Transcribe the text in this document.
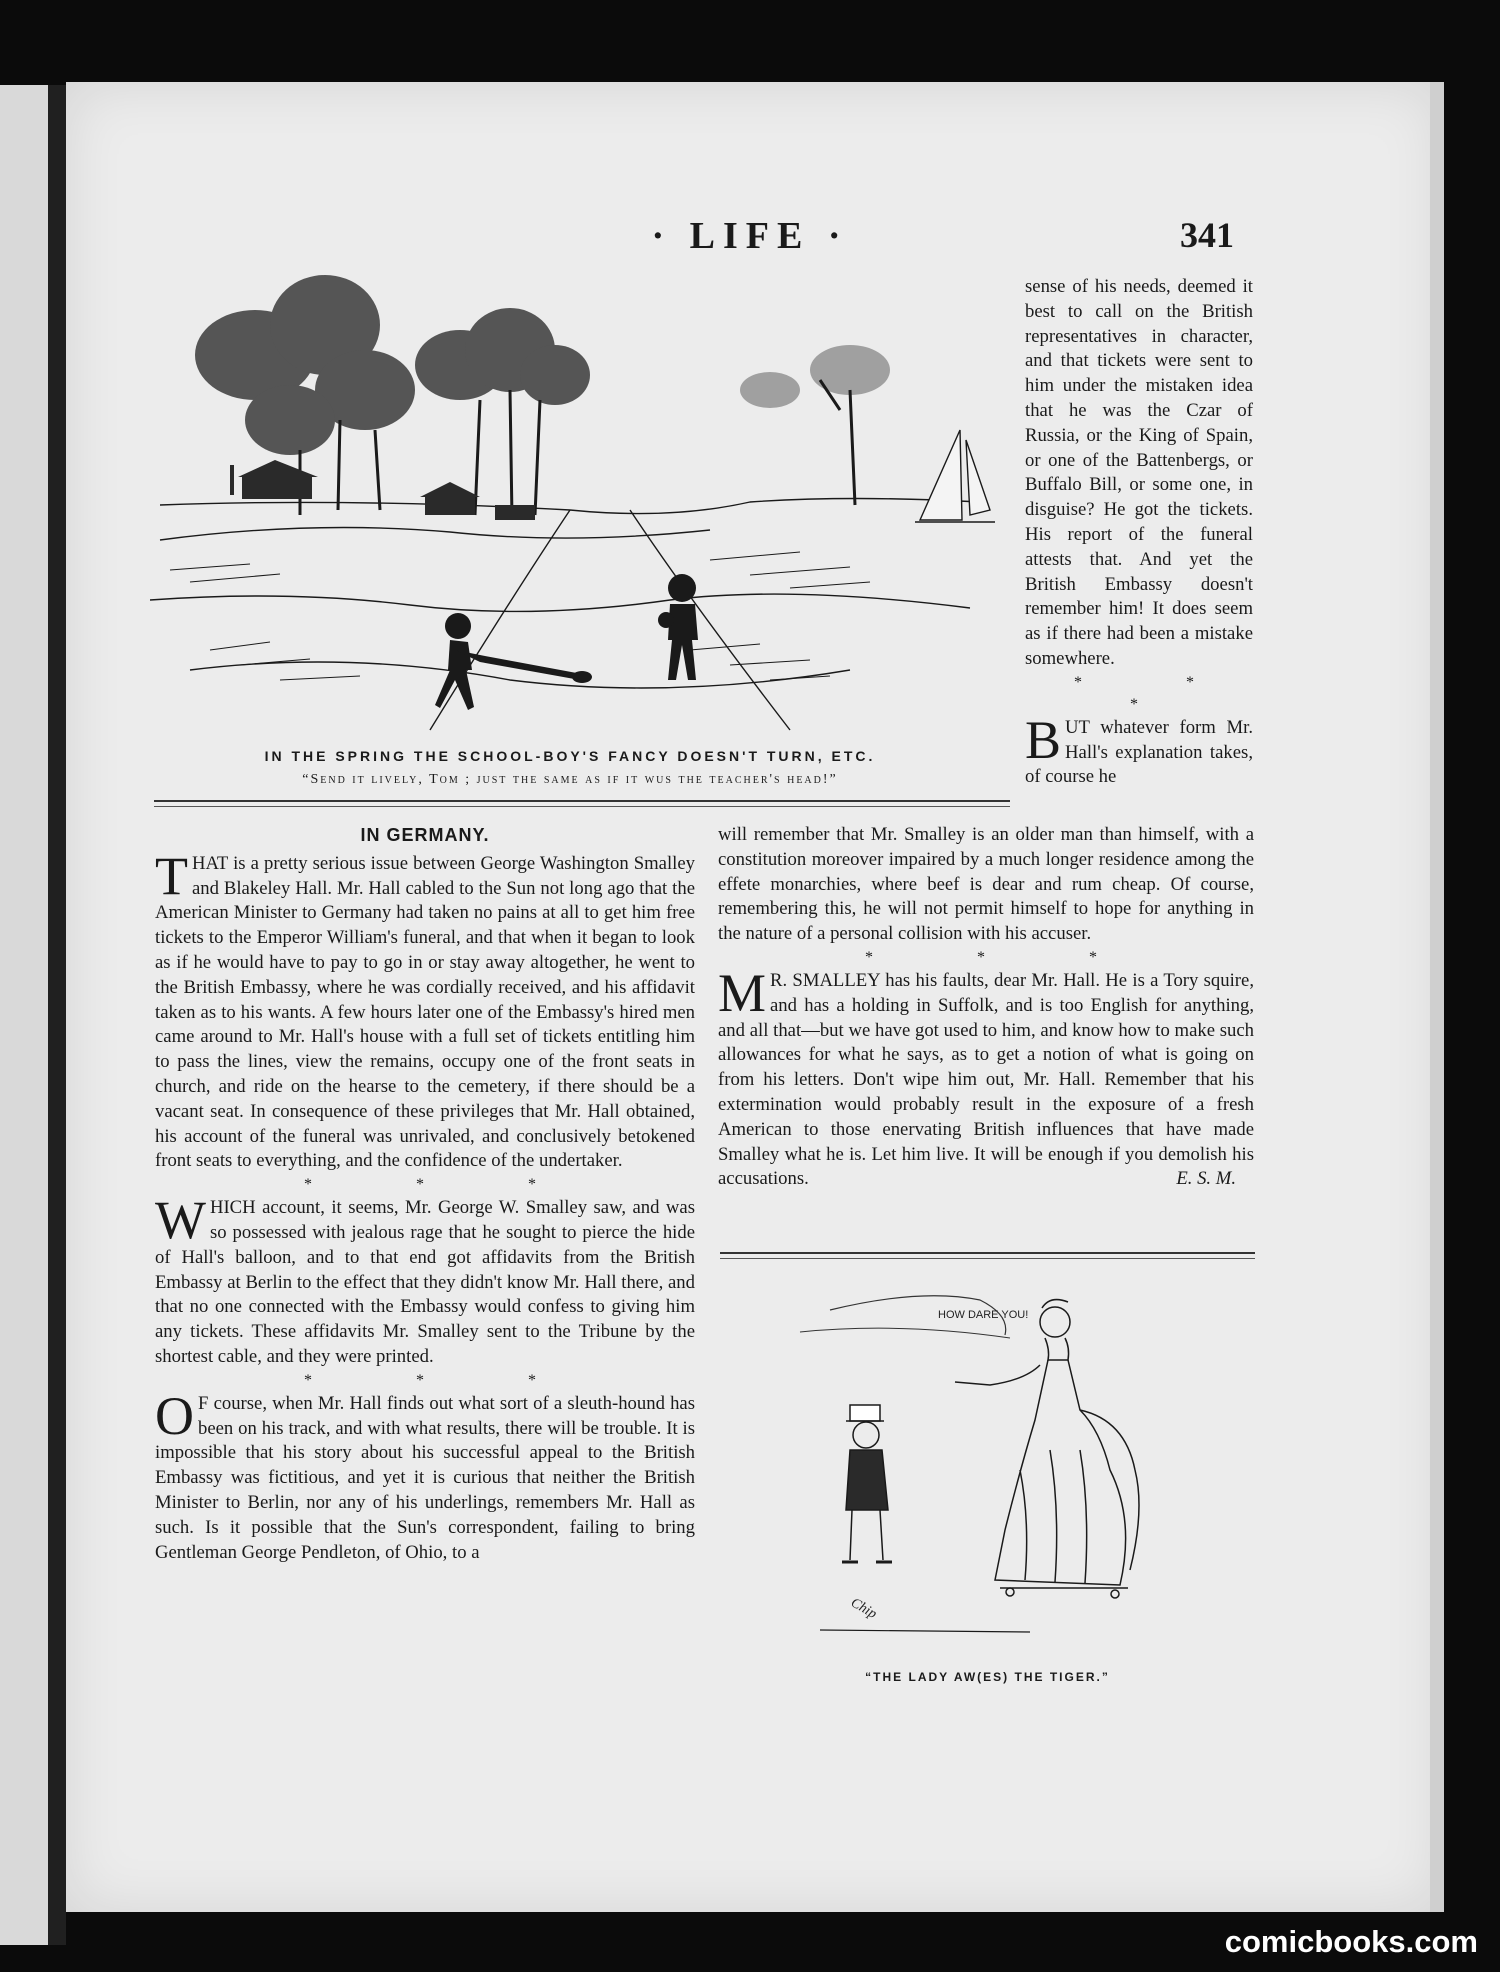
· LIFE ·	341
IN THE SPRING THE SCHOOL-BOY'S FANCY DOESN'T TURN, ETC.
“Send it lively, Tom ; just the same as if it wus the teacher's head!”

sense of his needs, deemed it best to call on the British representatives in character, and that tickets were sent to him under the mistaken idea that he was the Czar of Russia, or the King of Spain, or one of the Battenbergs, or Buffalo Bill, or some one, in disguise? He got the tickets. His report of the funeral attests that. And yet the British Embassy doesn't remember him! It does seem as if there had been a mistake somewhere.

* * *

BUT whatever form Mr. Hall's explanation takes, of course he

IN GERMANY.

THAT is a pretty serious issue between George Washington Smalley and Blakeley Hall. Mr. Hall cabled to the Sun not long ago that the American Minister to Germany had taken no pains at all to get him free tickets to the Emperor William's funeral, and that when it began to look as if he would have to pay to go in or stay away altogether, he went to the British Embassy, where he was cordially received, and his affidavit taken as to his wants. A few hours later one of the Embassy's hired men came around to Mr. Hall's house with a full set of tickets entitling him to pass the lines, view the remains, occupy one of the front seats in church, and ride on the hearse to the cemetery, if there should be a vacant seat. In consequence of these privileges that Mr. Hall obtained, his account of the funeral was unrivaled, and conclusively betokened front seats to everything, and the confidence of the undertaker.

* * *

WHICH account, it seems, Mr. George W. Smalley saw, and was so possessed with jealous rage that he sought to pierce the hide of Hall's balloon, and to that end got affidavits from the British Embassy at Berlin to the effect that they didn't know Mr. Hall there, and that no one connected with the Embassy would confess to giving him any tickets. These affidavits Mr. Smalley sent to the Tribune by the shortest cable, and they were printed.

* * *

O F course, when Mr. Hall finds out what sort of a sleuth-hound has been on his track, and with what results, there will be trouble. It is impossible that his story about his successful appeal to the British Embassy was fictitious, and yet it is curious that neither the British Minister to Berlin, nor any of his underlings, remembers Mr. Hall as such. Is it possible that the Sun's correspondent, failing to bring Gentleman George Pendleton, of Ohio, to a

will remember that Mr. Smalley is an older man than himself, with a constitution moreover impaired by a much longer residence among the effete monarchies, where beef is dear and rum cheap. Of course, remembering this, he will not permit himself to hope for anything in the nature of a personal collision with his accuser.

* * *

M R. SMALLEY has his faults, dear Mr. Hall. He is a Tory squire, and has a holding in Suffolk, and is too English for anything, and all that—but we have got used to him, and know how to make such allowances for what he says, as to get a notion of what is going on from his letters. Don't wipe him out, Mr. Hall. Remember that his extermination would probably result in the exposure of a fresh American to those enervating British influences that have made Smalley what he is. Let him live. It will be enough if you demolish his accusations.	E. S. M.

HOW DARE YOU!
Chip
“THE LADY AW(ES) THE TIGER.”
comicbooks.com
